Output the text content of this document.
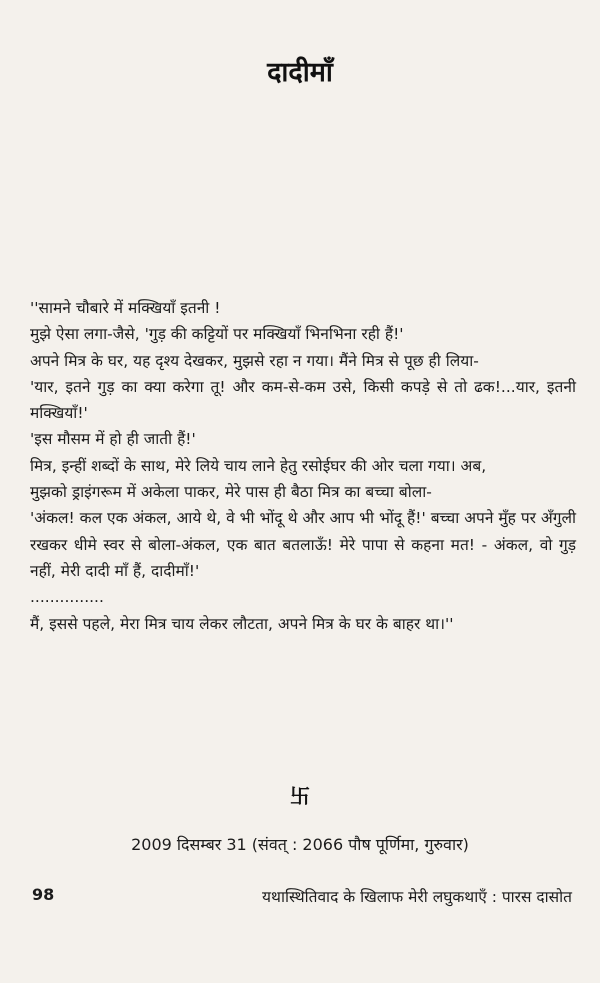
दादीमाँ

''सामने चौबारे में मक्खियाँ इतनी !

मुझे ऐसा लगा-जैसे, 'गुड़ की कट्टियों पर मक्खियाँ भिनभिना रही हैं!'

अपने मित्र के घर, यह दृश्य देखकर, मुझसे रहा न गया। मैंने मित्र से पूछ ही लिया-

'यार, इतने गुड़ का क्या करेगा तू! और कम-से-कम उसे, किसी कपड़े से तो ढक!...यार, इतनी मक्खियाँ!'

'इस मौसम में हो ही जाती हैं!'

मित्र, इन्हीं शब्दों के साथ, मेरे लिये चाय लाने हेतु रसोईघर की ओर चला गया। अब,

मुझको ड्राइंगरूम में अकेला पाकर, मेरे पास ही बैठा मित्र का बच्चा बोला-

'अंकल! कल एक अंकल, आये थे, वे भी भोंदू थे और आप भी भोंदू हैं!' बच्चा अपने मुँह पर अँगुली रखकर धीमे स्वर से बोला-अंकल, एक बात बतलाऊँ! मेरे पापा से कहना मत! - अंकल, वो गुड़ नहीं, मेरी दादी माँ हैं, दादीमाँ!'

...............

मैं, इससे पहले, मेरा मित्र चाय लेकर लौटता, अपने मित्र के घर के बाहर था।''

卐
2009 दिसम्बर 31 (संवत् : 2066 पौष पूर्णिमा, गुरुवार)
98	यथास्थितिवाद के खिलाफ मेरी लघुकथाएँ : पारस दासोत
